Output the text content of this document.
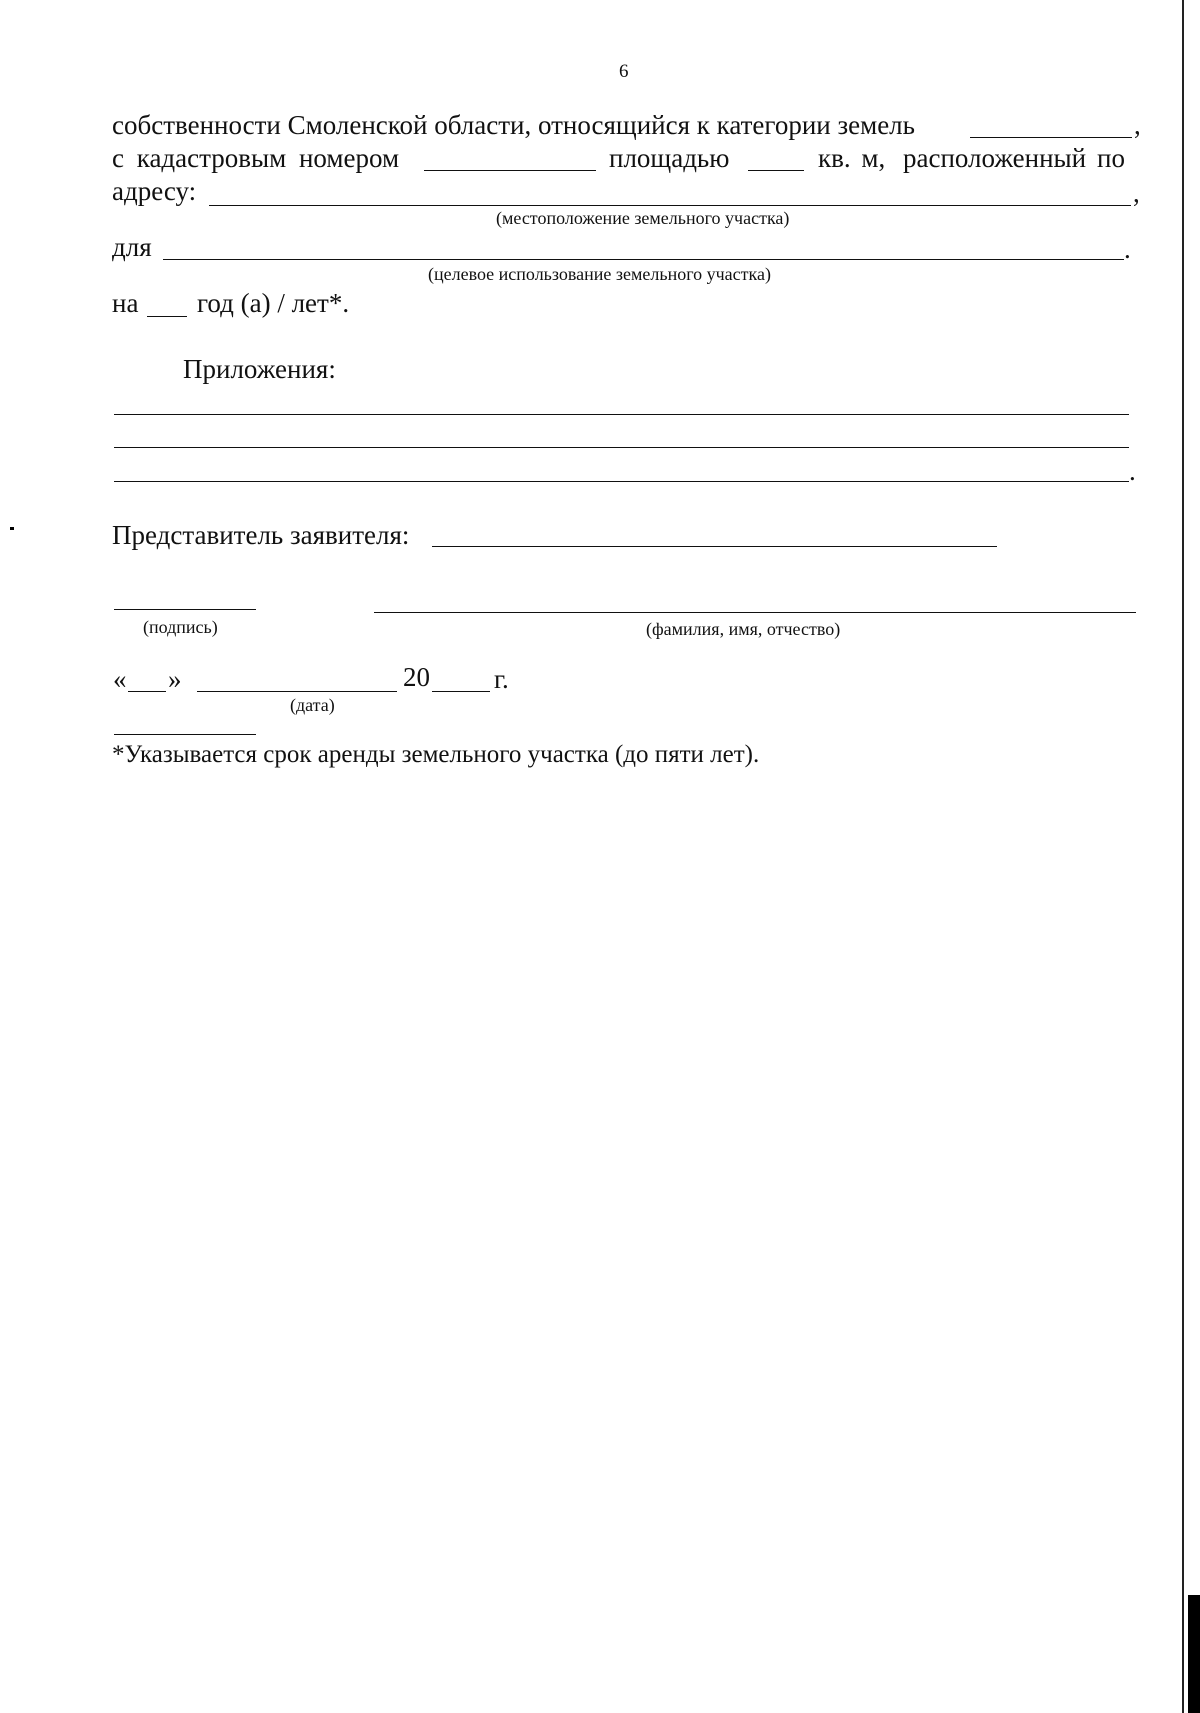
6
собственности Смоленской области, относящийся к категории земель	,
с кадастровым номером	площадью	кв. м, расположенный по
адресу:	,
(местоположение земельного участка)
для	.
(целевое использование земельного участка)
на год (а) / лет*.
Приложения:
.
Представитель заявителя:
(подпись)	(фамилия, имя, отчество)
« »	20 г.
(дата)
*Указывается срок аренды земельного участка (до пяти лет).
